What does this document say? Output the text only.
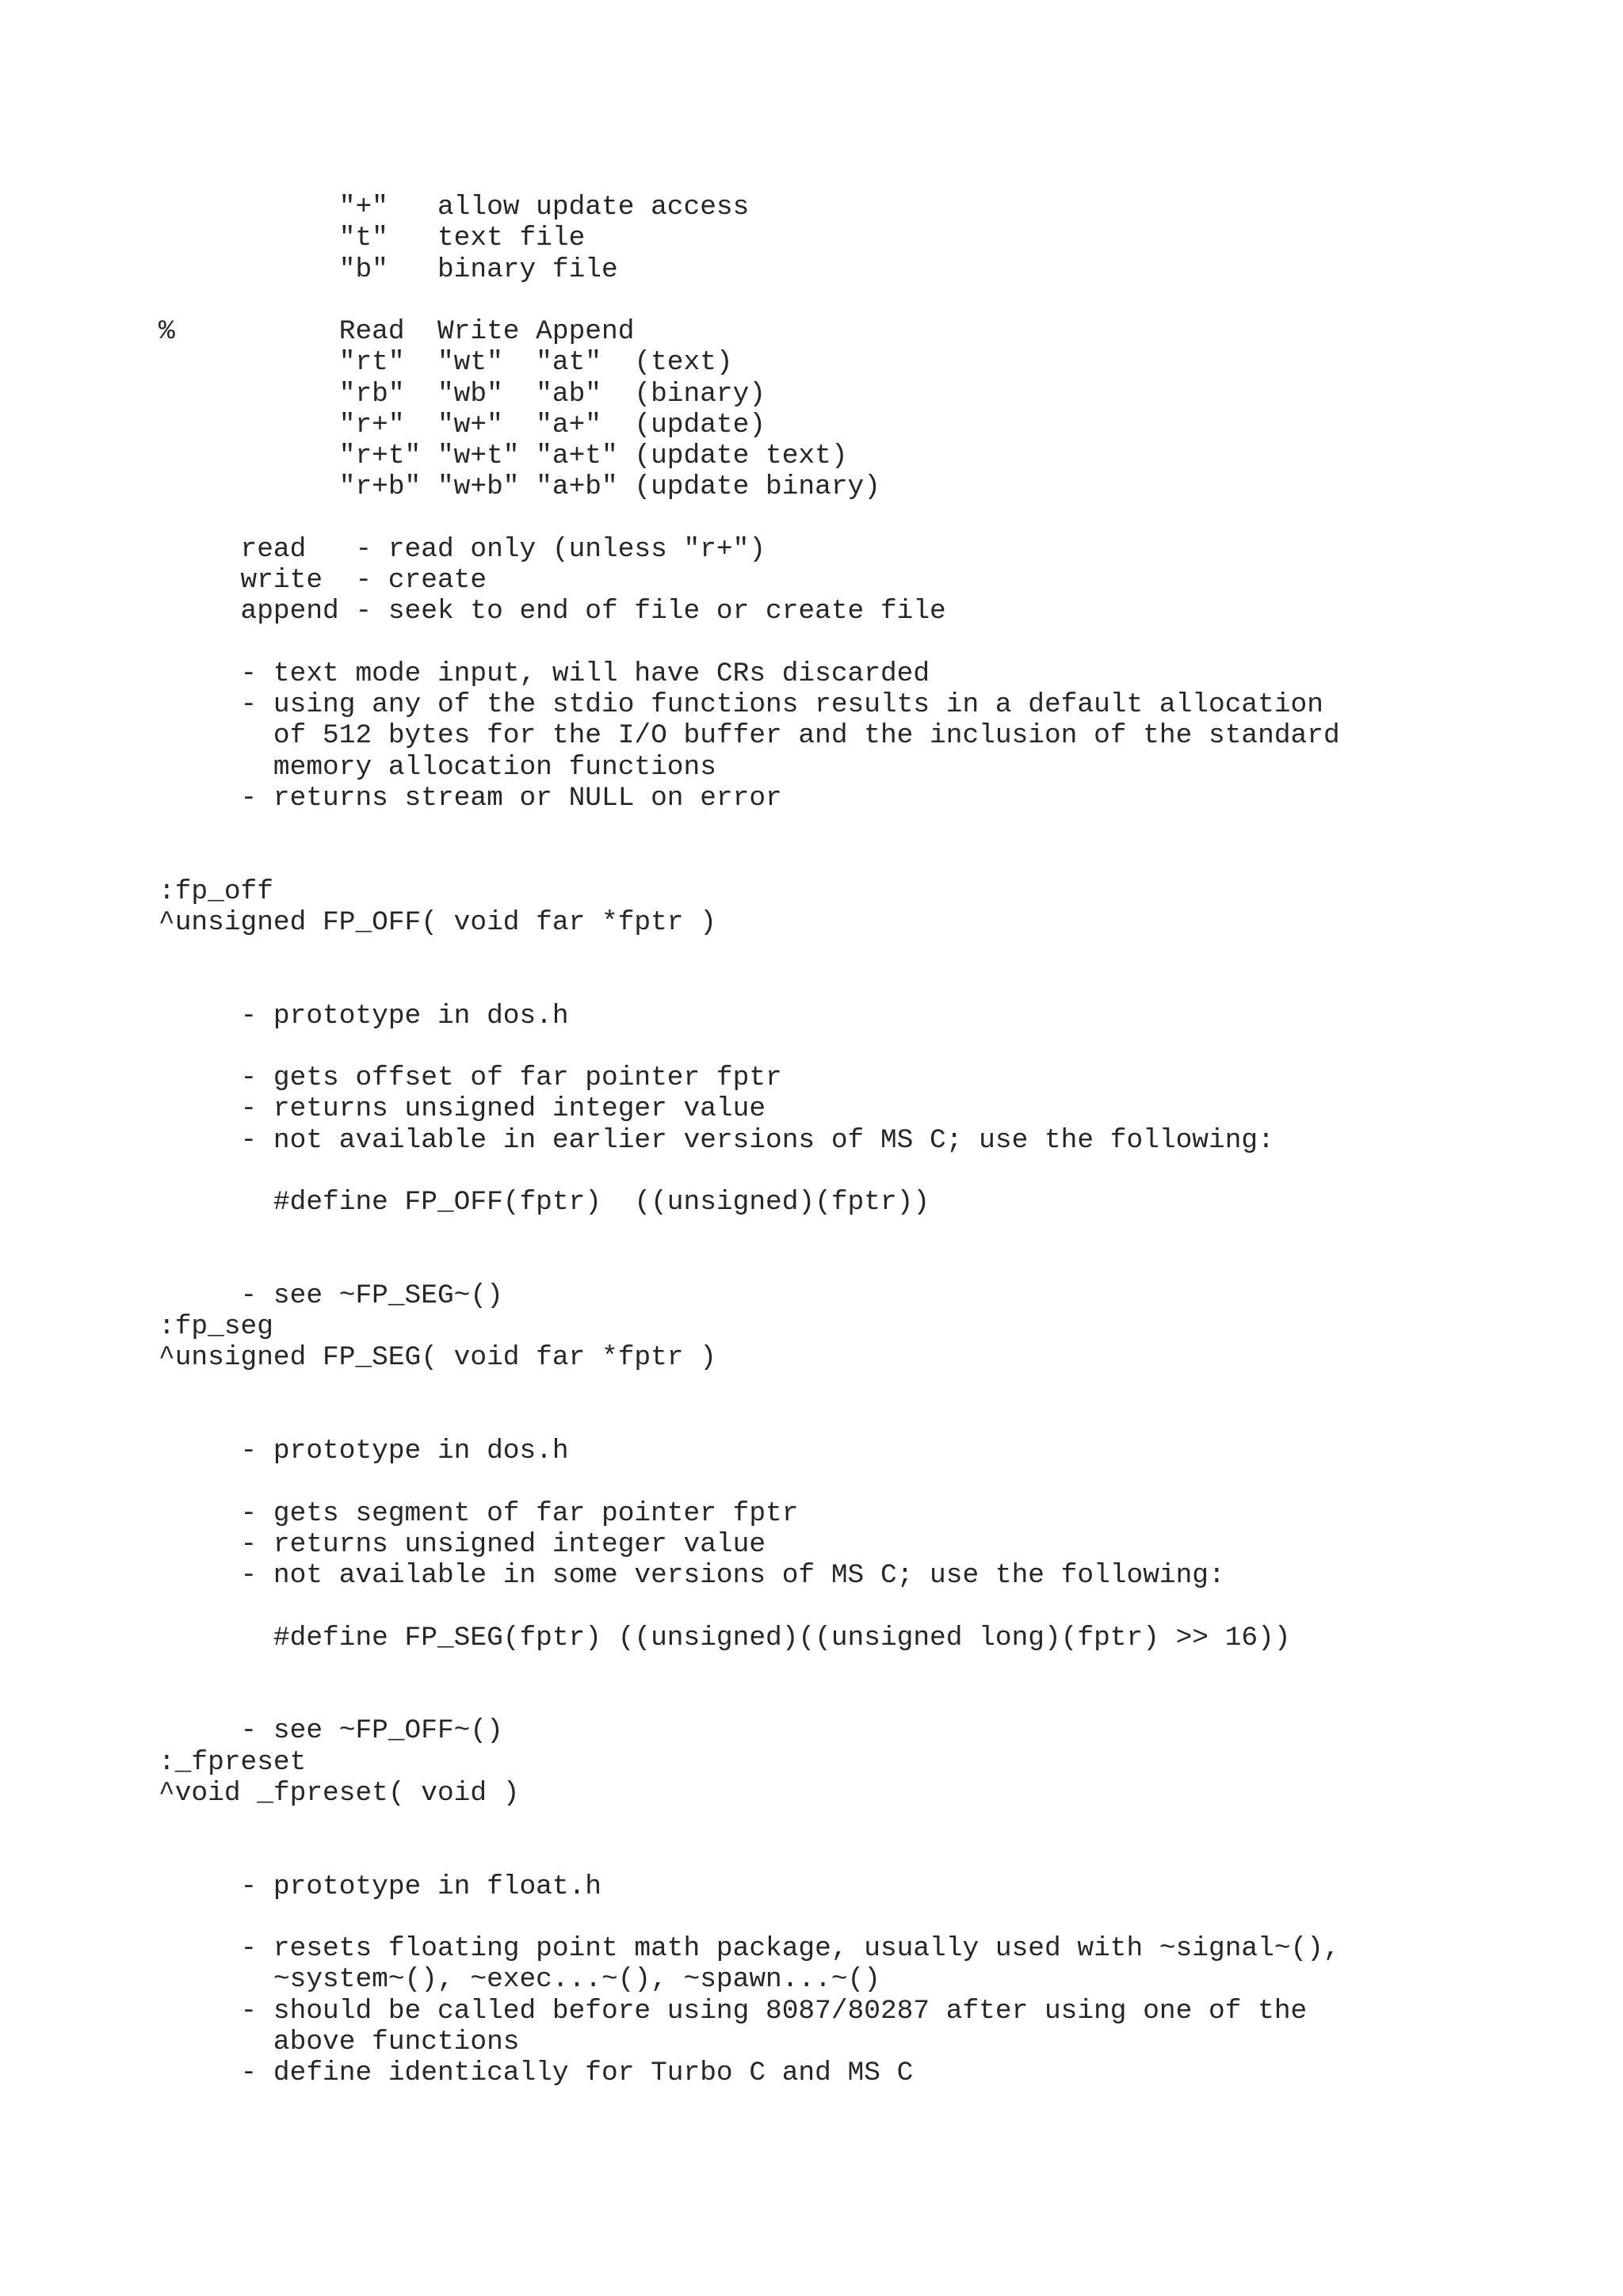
"+"   allow update access
"t"   text file
"b"   binary file
%          Read  Write Append
"rt"  "wt"  "at"  (text)
"rb"  "wb"  "ab"  (binary)
"r+"  "w+"  "a+"  (update)
"r+t" "w+t" "a+t" (update text)
"r+b" "w+b" "a+b" (update binary)
read   - read only (unless "r+")
write  - create
append - seek to end of file or create file
- text mode input, will have CRs discarded
- using any of the stdio functions results in a default allocation
of 512 bytes for the I/O buffer and the inclusion of the standard
memory allocation functions
- returns stream or NULL on error
:fp_off
^unsigned FP_OFF( void far *fptr )
- prototype in dos.h
- gets offset of far pointer fptr
- returns unsigned integer value
- not available in earlier versions of MS C; use the following:
#define FP_OFF(fptr)  ((unsigned)(fptr))
- see ~FP_SEG~()
:fp_seg
^unsigned FP_SEG( void far *fptr )
- prototype in dos.h
- gets segment of far pointer fptr
- returns unsigned integer value
- not available in some versions of MS C; use the following:
#define FP_SEG(fptr) ((unsigned)((unsigned long)(fptr) >> 16))
- see ~FP_OFF~()
:_fpreset
^void _fpreset( void )
- prototype in float.h
- resets floating point math package, usually used with ~signal~(),
~system~(), ~exec...~(), ~spawn...~()
- should be called before using 8087/80287 after using one of the
above functions
- define identically for Turbo C and MS C
